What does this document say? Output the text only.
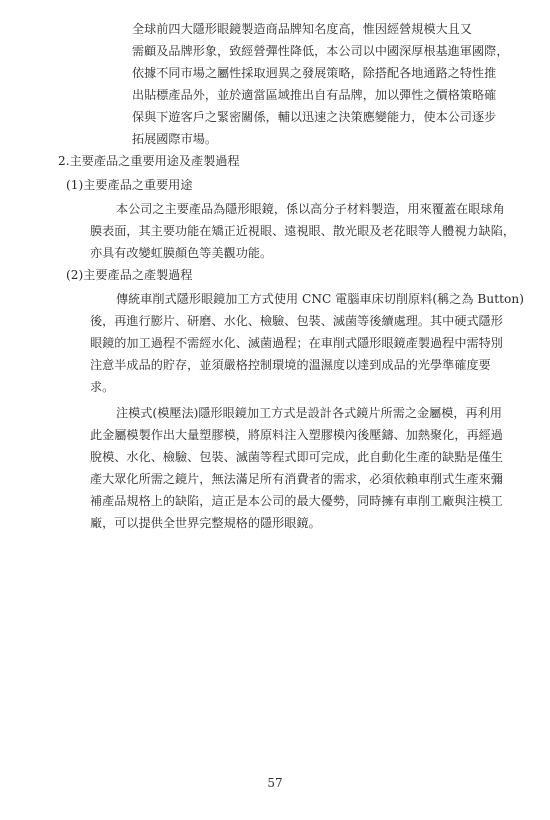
全球前四大隱形眼鏡製造商品牌知名度高，惟因經營規模大且又
需顧及品牌形象，致經營彈性降低，本公司以中國深厚根基進軍國際，
依據不同市場之屬性採取迥異之發展策略，除搭配各地通路之特性推
出貼標產品外，並於適當區域推出自有品牌，加以彈性之價格策略確
保與下遊客戶之緊密關係，輔以迅速之決策應變能力，使本公司逐步
拓展國際市場。
2.主要產品之重要用途及產製過程
(1)主要產品之重要用途
本公司之主要產品為隱形眼鏡，係以高分子材料製造，用來覆蓋在眼球角
膜表面，其主要功能在矯正近視眼、遠視眼、散光眼及老花眼等人體視力缺陷，
亦具有改變虹膜顏色等美觀功能。
(2)主要產品之產製過程
傳統車削式隱形眼鏡加工方式使用 CNC 電腦車床切削原料(稱之為 Button)
後，再進行膨片、研磨、水化、檢驗、包裝、滅菌等後續處理。其中硬式隱形
眼鏡的加工過程不需經水化、滅菌過程；在車削式隱形眼鏡產製過程中需特別
注意半成品的貯存，並須嚴格控制環境的溫濕度以達到成品的光學準確度要
求。
注模式(模壓法)隱形眼鏡加工方式是設計各式鏡片所需之金屬模，再利用
此金屬模製作出大量塑膠模，將原料注入塑膠模內後壓鑄、加熱聚化，再經過
脫模、水化、檢驗、包裝、滅菌等程式即可完成，此自動化生產的缺點是僅生
產大眾化所需之鏡片，無法滿足所有消費者的需求，必須依賴車削式生產來彌
補產品規格上的缺陷，這正是本公司的最大優勢，同時擁有車削工廠與注模工
廠，可以提供全世界完整規格的隱形眼鏡。
57
